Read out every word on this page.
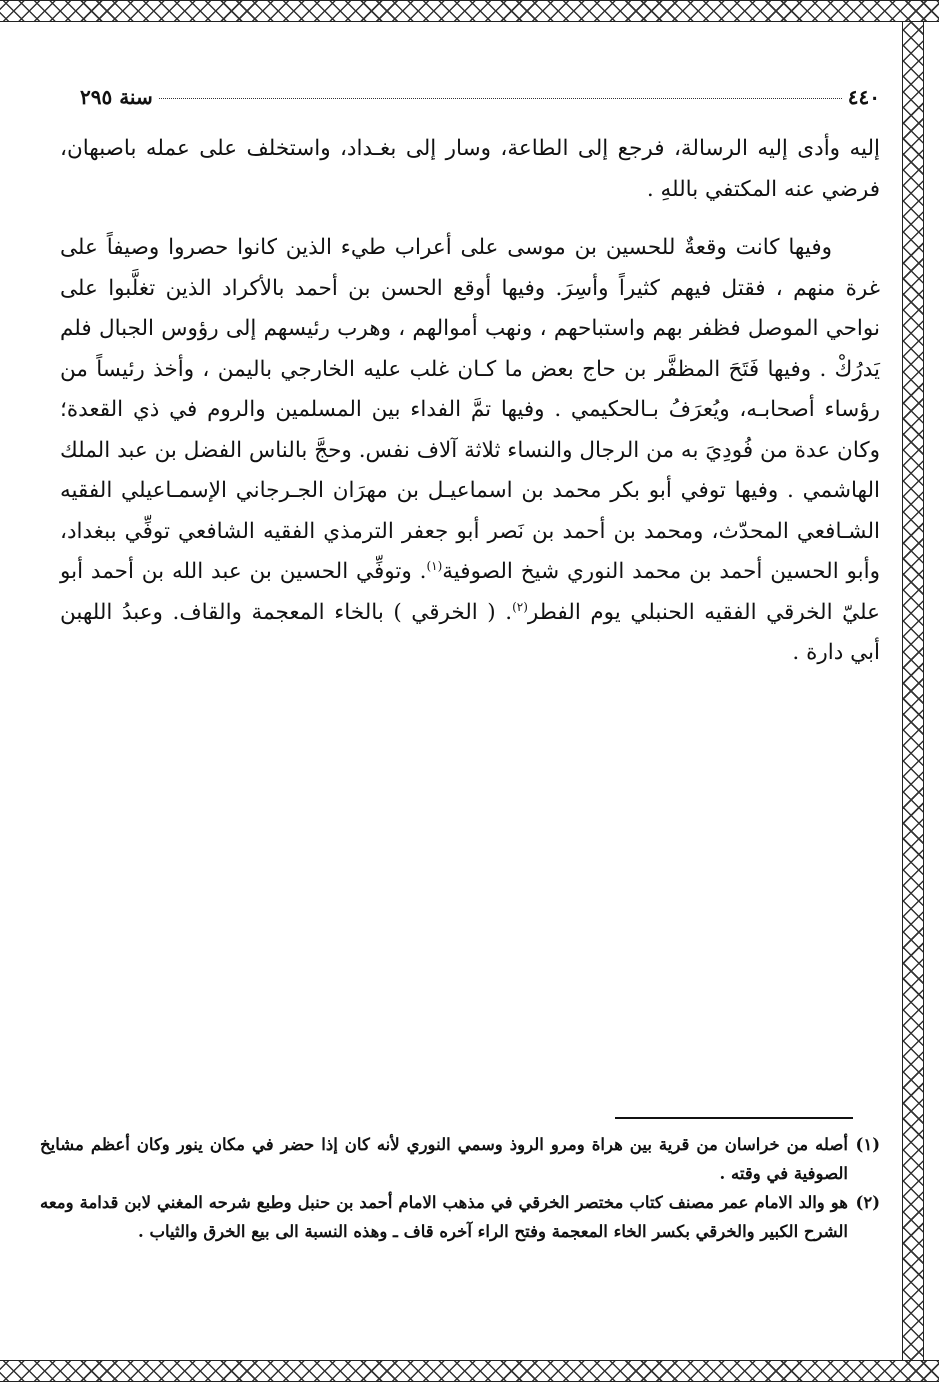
٤٤٠
سنة ٢٩٥

إليه وأدى إليه الرسالة، فرجع إلى الطاعة، وسار إلى بغـداد، واستخلف على عمله باصبهان، فرضي عنه المكتفي باللهِ .

وفيها كانت وقعةٌ للحسين بن موسى على أعراب طيء الذين كانوا حصروا وصيفاً على غرة منهم ، فقتل فيهم كثيراً وأسِرَ. وفيها أوقع الحسن بن أحمد بالأكراد الذين تغلَّبوا على نواحي الموصل فظفر بهم واستباحهم ، ونهب أموالهم ، وهرب رئيسهم إلى رؤوس الجبال فلم يَدرُكْ . وفيها فَتَحَ المظفَّر بن حاج بعض ما كـان غلب عليه الخارجي باليمن ، وأخذ رئيساً من رؤساء أصحابـه، ويُعرَفُ بـالحكيمي . وفيها تمَّ الفداء بين المسلمين والروم في ذي القعدة؛ وكان عدة من فُودِيَ به من الرجال والنساء ثلاثة آلاف نفس. وحجَّ بالناس الفضل بن عبد الملك الهاشمي . وفيها توفي أبو بكر محمد بن اسماعيـل بن مهرَان الجـرجاني الإسمـاعيلي الفقيه الشـافعي المحدّث، ومحمد بن أحمد بن نَصر أبو جعفر الترمذي الفقيه الشافعي توفِّي ببغداد، وأبو الحسين أحمد بن محمد النوري شيخ الصوفية$^{(١)}$. وتوفِّي الحسين بن عبد الله بن أحمد أبو عليّ الخرقي الفقيه الحنبلي يوم الفطر$^{(٢)}$. ( الخرقي ) بالخاء المعجمة والقاف. وعبدُ اللهبن أبي دارة .

(١)
أصله من خراسان من قرية بين هراة ومرو الروذ وسمي النوري لأنه كان إذا حضر في مكان ينور وكان أعظم مشايخ الصوفية في وقته .
(٢)
هو والد الامام عمر مصنف كتاب مختصر الخرقي في مذهب الامام أحمد بن حنبل وطبع شرحه المغني لابن قدامة ومعه الشرح الكبير والخرقي بكسر الخاء المعجمة وفتح الراء آخره قاف ـ وهذه النسبة الى بيع الخرق والثياب .
